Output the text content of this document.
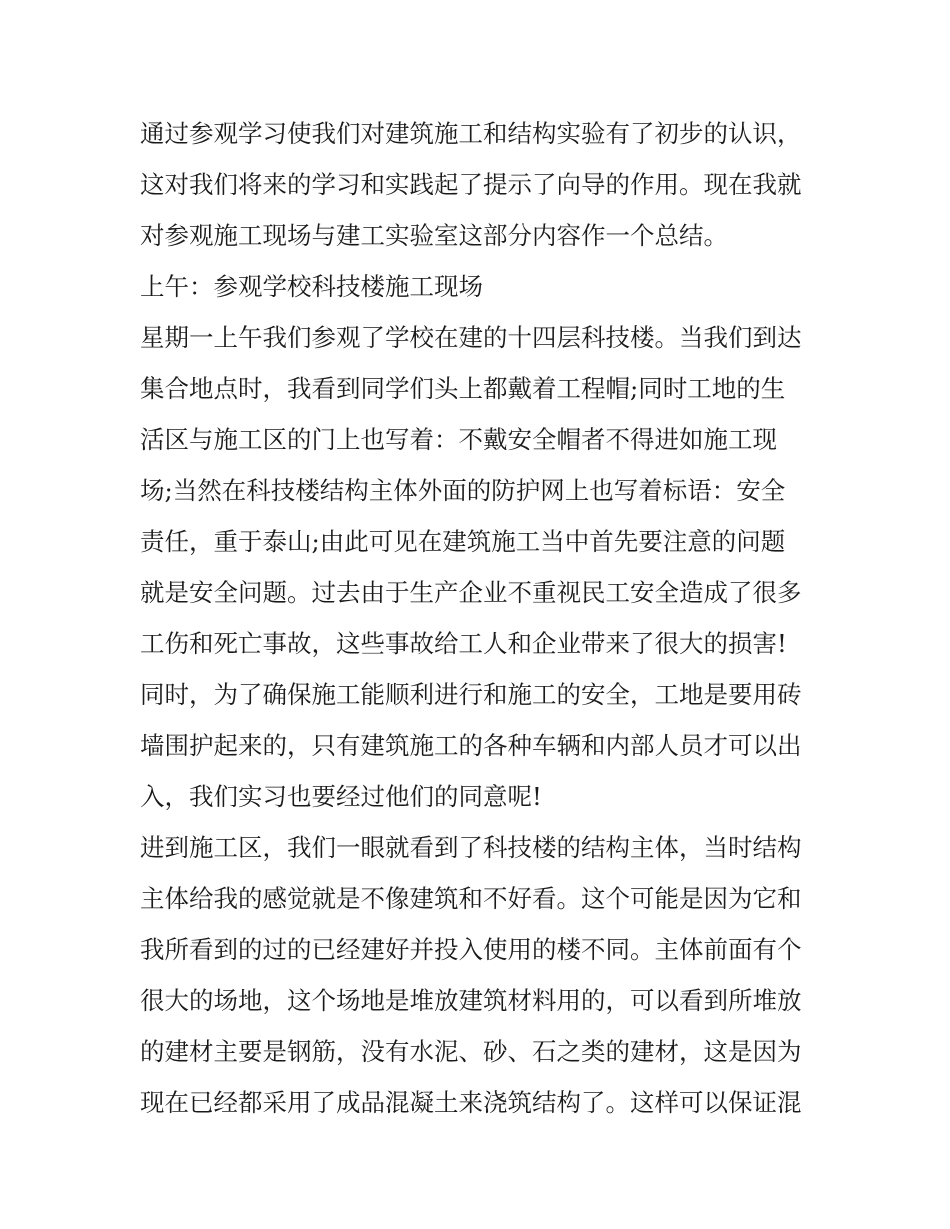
通过参观学习使我们对建筑施工和结构实验有了初步的认识，
这对我们将来的学习和实践起了提示了向导的作用。现在我就
对参观施工现场与建工实验室这部分内容作一个总结。
上午：参观学校科技楼施工现场
星期一上午我们参观了学校在建的十四层科技楼。当我们到达
集合地点时，我看到同学们头上都戴着工程帽;同时工地的生
活区与施工区的门上也写着：不戴安全帽者不得进如施工现
场;当然在科技楼结构主体外面的防护网上也写着标语：安全
责任，重于泰山;由此可见在建筑施工当中首先要注意的问题
就是安全问题。过去由于生产企业不重视民工安全造成了很多
工伤和死亡事故，这些事故给工人和企业带来了很大的损害!
同时，为了确保施工能顺利进行和施工的安全，工地是要用砖
墙围护起来的，只有建筑施工的各种车辆和内部人员才可以出
入，我们实习也要经过他们的同意呢!
进到施工区，我们一眼就看到了科技楼的结构主体，当时结构
主体给我的感觉就是不像建筑和不好看。这个可能是因为它和
我所看到的过的已经建好并投入使用的楼不同。主体前面有个
很大的场地，这个场地是堆放建筑材料用的，可以看到所堆放
的建材主要是钢筋，没有水泥、砂、石之类的建材，这是因为
现在已经都采用了成品混凝土来浇筑结构了。这样可以保证混
